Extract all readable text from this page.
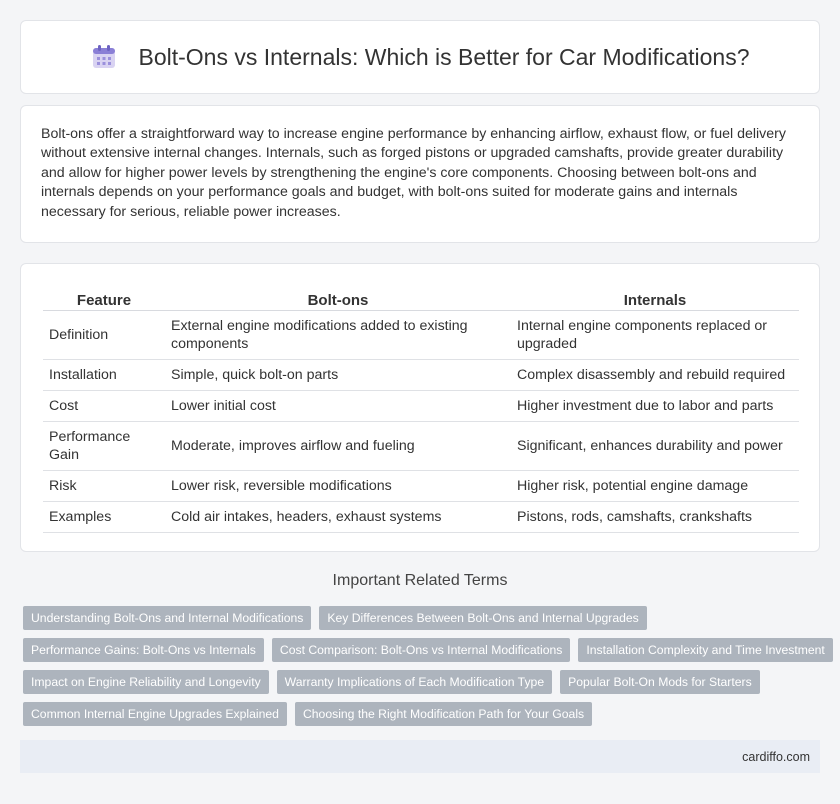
Bolt-Ons vs Internals: Which is Better for Car Modifications?

Bolt-ons offer a straightforward way to increase engine performance by enhancing airflow, exhaust flow, or fuel delivery without extensive internal changes. Internals, such as forged pistons or upgraded camshafts, provide greater durability and allow for higher power levels by strengthening the engine's core components. Choosing between bolt-ons and internals depends on your performance goals and budget, with bolt-ons suited for moderate gains and internals necessary for serious, reliable power increases.

Feature	Bolt-ons	Internals
Definition	External engine modifications added to existing components	Internal engine components replaced or upgraded
Installation	Simple, quick bolt-on parts	Complex disassembly and rebuild required
Cost	Lower initial cost	Higher investment due to labor and parts
Performance Gain	Moderate, improves airflow and fueling	Significant, enhances durability and power
Risk	Lower risk, reversible modifications	Higher risk, potential engine damage
Examples	Cold air intakes, headers, exhaust systems	Pistons, rods, camshafts, crankshafts
Important Related Terms
Understanding Bolt-Ons and Internal Modifications	Key Differences Between Bolt-Ons and Internal Upgrades
Performance Gains: Bolt-Ons vs Internals	Cost Comparison: Bolt-Ons vs Internal Modifications	Installation Complexity and Time Investment
Impact on Engine Reliability and Longevity	Warranty Implications of Each Modification Type	Popular Bolt-On Mods for Starters
Common Internal Engine Upgrades Explained	Choosing the Right Modification Path for Your Goals
cardiffo.com
